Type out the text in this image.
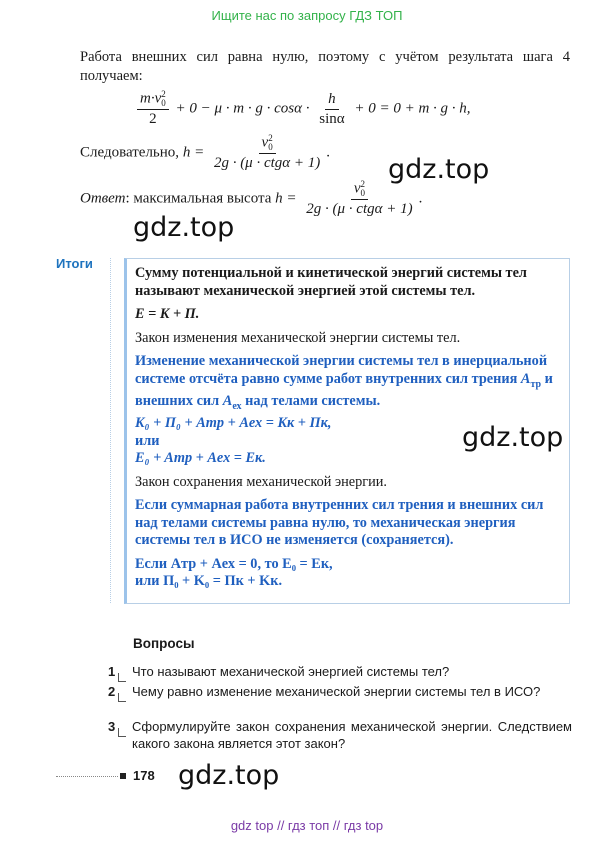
Ищите нас по запросу ГДЗ ТОП
Работа внешних сил равна нулю, поэтому с учётом результата шага 4 получаем:
m·v 2
0
$2 + 0 - \mu \cdot m \cdot g \cdot \cos\alpha \cdot \frac{h}{\sin\alpha} + 0 = 0 + m \cdot g \cdot h$,
Следовательно, h = v 2
0
2g · (μ · ctgα + 1) .
Ответ: максимальная высота h = v 2
0
2g · (μ · ctgα + 1) .
gdz.top
gdz.top
Итоги
Сумму потенциальной и кинетической энергий системы тел называют механической энергией этой системы тел.
E = K + П.
Закон изменения механической энергии системы тел.
Изменение механической энергии системы тел в инерциальной системе отсчёта равно сумме работ внутренних сил трения $A_{тр}$ и внешних сил $A_{ех}$ над телами системы.
K₀ + П₀ + Aтр + Aех = Kк + Пк,
или
E₀ + Aтр + Aех = Eк.
Закон сохранения механической энергии.
Если суммарная работа внутренних сил трения и внешних сил над телами системы равна нулю, то механическая энергия системы тел в ИСО не изменяется (сохраняется).
Если Aтр + Aех = 0, то E₀ = Eк,
или П₀ + K₀ = Пк + Kк.
gdz.top
Вопросы
1 Что называют механической энергией системы тел?
2 Чему равно изменение механической энергии системы тел в ИСО?
3 Сформулируйте закон сохранения механической энергии. Следствием какого закона является этот закон?
178 gdz.top
gdz top // гдз топ // гдз top
